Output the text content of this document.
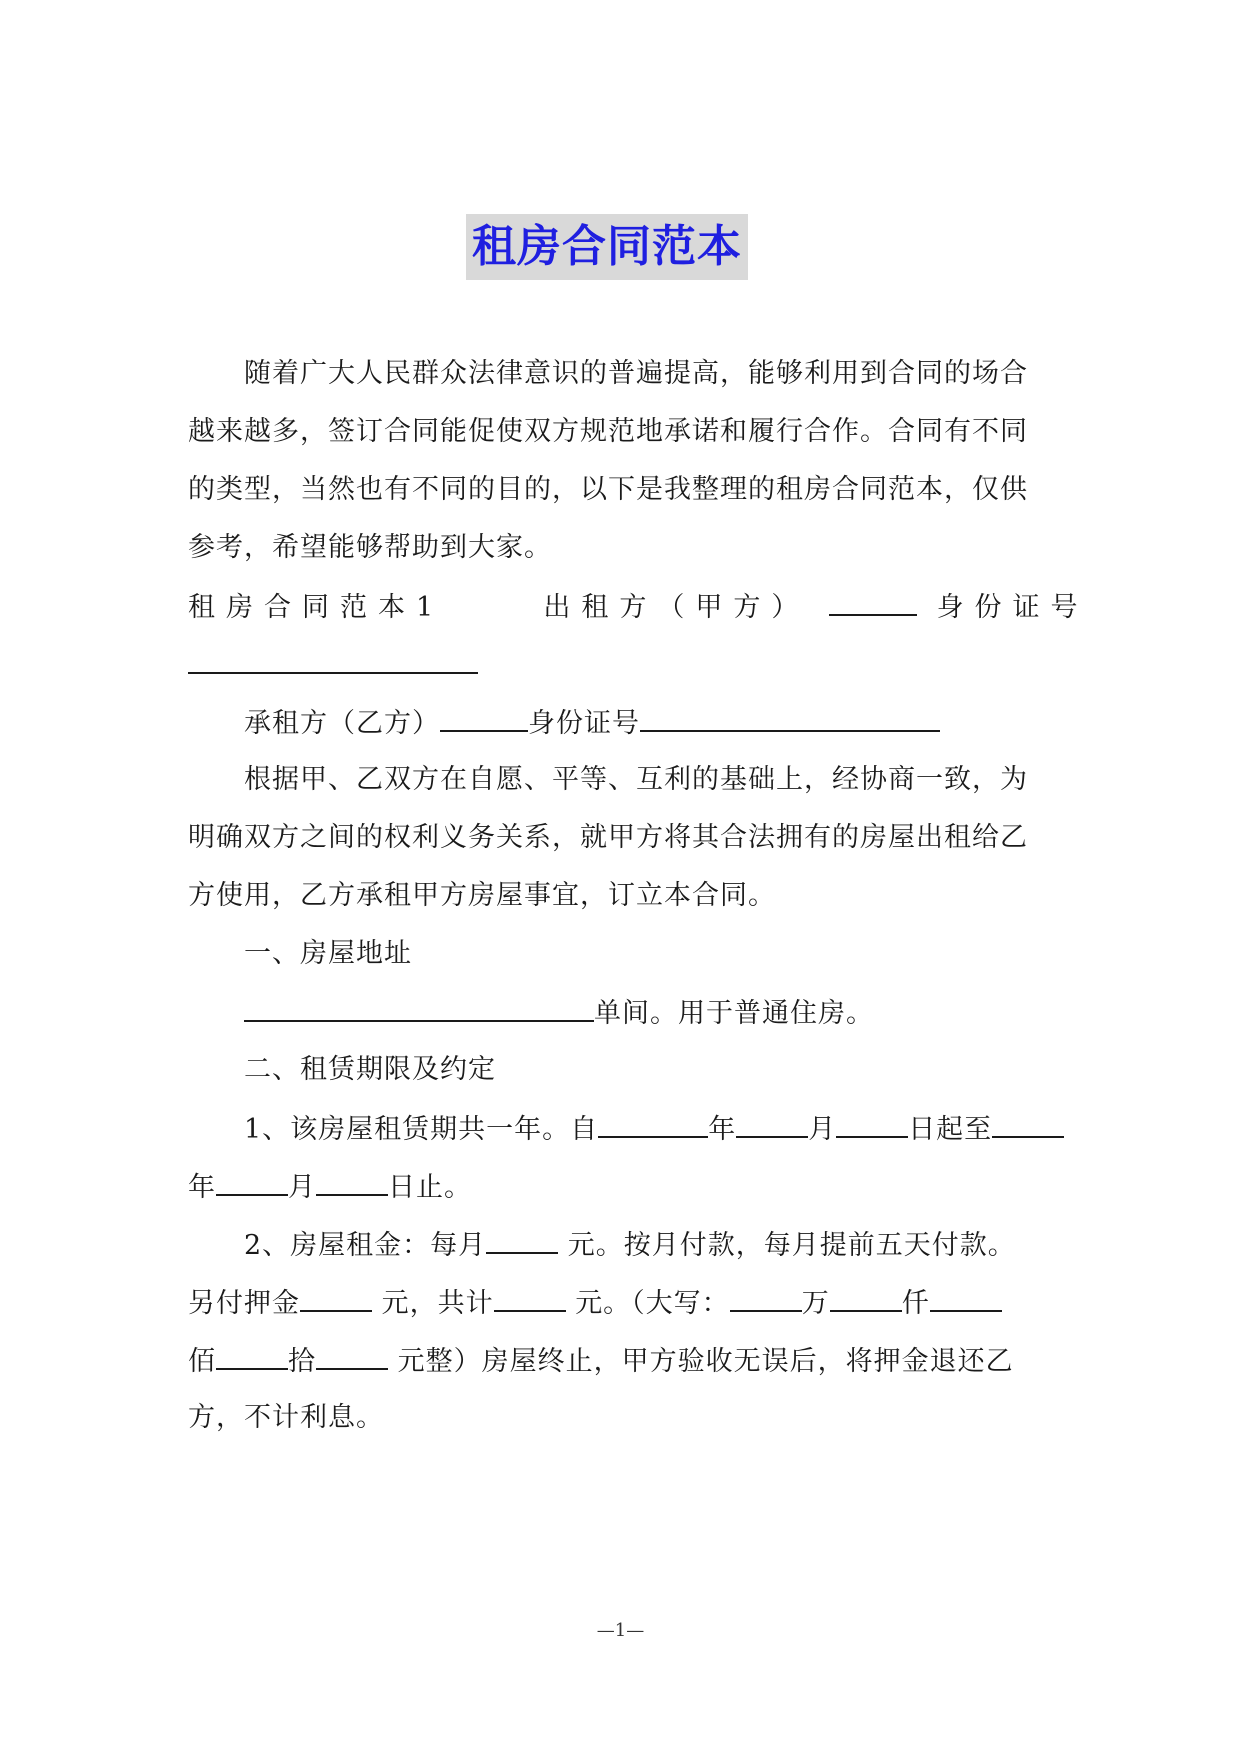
租房合同范本
随着广大人民群众法律意识的普遍提高，能够利用到合同的场合
越来越多，签订合同能促使双方规范地承诺和履行合作。合同有不同
的类型，当然也有不同的目的，以下是我整理的租房合同范本，仅供
参考，希望能够帮助到大家。
租房合同范本1	出租方（甲方）	身份证号
承租方（乙方）	身份证号
根据甲、乙双方在自愿、平等、互利的基础上，经协商一致，为
明确双方之间的权利义务关系，就甲方将其合法拥有的房屋出租给乙
方使用，乙方承租甲方房屋事宜，订立本合同。
一、房屋地址
单间。用于普通住房。
二、租赁期限及约定
1、该房屋租赁期共一年。自	年	月	日起至
年	月	日止。
2、房屋租金：每月	元。按月付款，每月提前五天付款。
另付押金	元，共计	元。（大写：	万	仟
佰	拾	元整）房屋终止，甲方验收无误后，将押金退还乙
方，不计利息。
—1—
